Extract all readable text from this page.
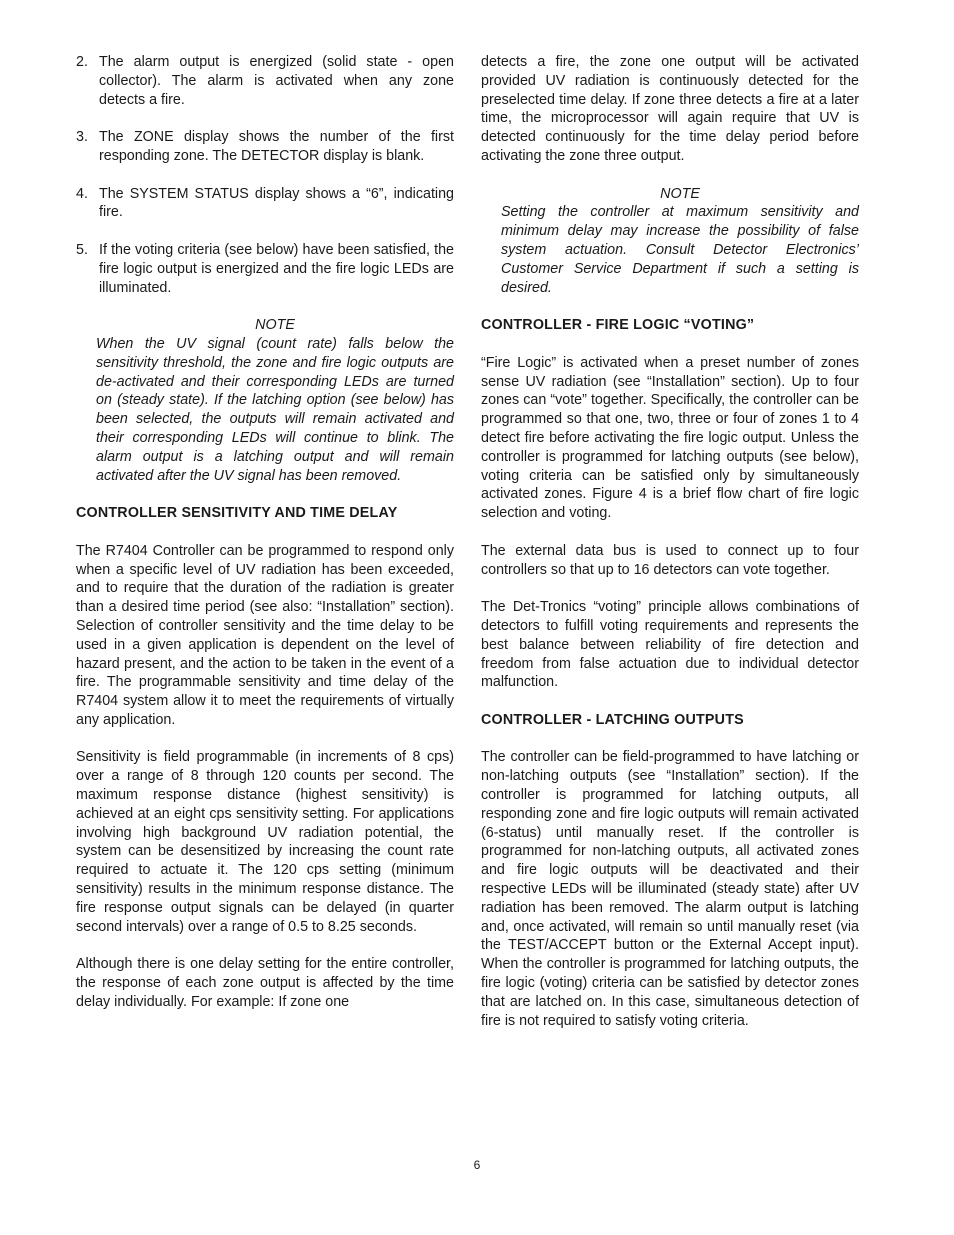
2. The alarm output is energized (solid state - open collector). The alarm is activated when any zone detects a fire.
3. The ZONE display shows the number of the first responding zone. The DETECTOR display is blank.
4. The SYSTEM STATUS display shows a “6”, indicating fire.
5. If the voting criteria (see below) have been satisfied, the fire logic output is energized and the fire logic LEDs are illuminated.
NOTE
When the UV signal (count rate) falls below the sensitivity threshold, the zone and fire logic outputs are de-activated and their corresponding LEDs are turned on (steady state). If the latching option (see below) has been selected, the outputs will remain activated and their corresponding LEDs will continue to blink. The alarm output is a latching output and will remain activated after the UV signal has been removed.
CONTROLLER SENSITIVITY AND TIME DELAY

The R7404 Controller can be programmed to respond only when a specific level of UV radiation has been exceeded, and to require that the duration of the radiation is greater than a desired time period (see also: “Installation” section). Selection of controller sensitivity and the time delay to be used in a given application is dependent on the level of hazard present, and the action to be taken in the event of a fire. The programmable sensitivity and time delay of the R7404 system allow it to meet the requirements of virtually any application.

Sensitivity is field programmable (in increments of 8 cps) over a range of 8 through 120 counts per second. The maximum response distance (highest sensitivity) is achieved at an eight cps sensitivity setting. For applications involving high background UV radiation potential, the system can be desensitized by increasing the count rate required to actuate it. The 120 cps setting (minimum sensitivity) results in the minimum response distance. The fire response output signals can be delayed (in quarter second intervals) over a range of 0.5 to 8.25 seconds.

Although there is one delay setting for the entire controller, the response of each zone output is affected by the time delay individually. For example: If zone one

detects a fire, the zone one output will be activated provided UV radiation is continuously detected for the preselected time delay. If zone three detects a fire at a later time, the microprocessor will again require that UV is detected continuously for the time delay period before activating the zone three output.

NOTE
Setting the controller at maximum sensitivity and minimum delay may increase the possibility of false system actuation. Consult Detector Electronics’ Customer Service Department if such a setting is desired.
CONTROLLER - FIRE LOGIC “VOTING”

“Fire Logic” is activated when a preset number of zones sense UV radiation (see “Installation” section). Up to four zones can “vote” together. Specifically, the controller can be programmed so that one, two, three or four of zones 1 to 4 detect fire before activating the fire logic output. Unless the controller is programmed for latching outputs (see below), voting criteria can be satisfied only by simultaneously activated zones. Figure 4 is a brief flow chart of fire logic selection and voting.

The external data bus is used to connect up to four controllers so that up to 16 detectors can vote together.

The Det-Tronics “voting” principle allows combinations of detectors to fulfill voting requirements and represents the best balance between reliability of fire detection and freedom from false actuation due to individual detector malfunction.

CONTROLLER - LATCHING OUTPUTS

The controller can be field-programmed to have latching or non-latching outputs (see “Installation” section). If the controller is programmed for latching outputs, all responding zone and fire logic outputs will remain activated (6-status) until manually reset. If the controller is programmed for non-latching outputs, all activated zones and fire logic outputs will be deactivated and their respective LEDs will be illuminated (steady state) after UV radiation has been removed. The alarm output is latching and, once activated, will remain so until manually reset (via the TEST/ACCEPT button or the External Accept input). When the controller is programmed for latching outputs, the fire logic (voting) criteria can be satisfied by detector zones that are latched on. In this case, simultaneous detection of fire is not required to satisfy voting criteria.

6
